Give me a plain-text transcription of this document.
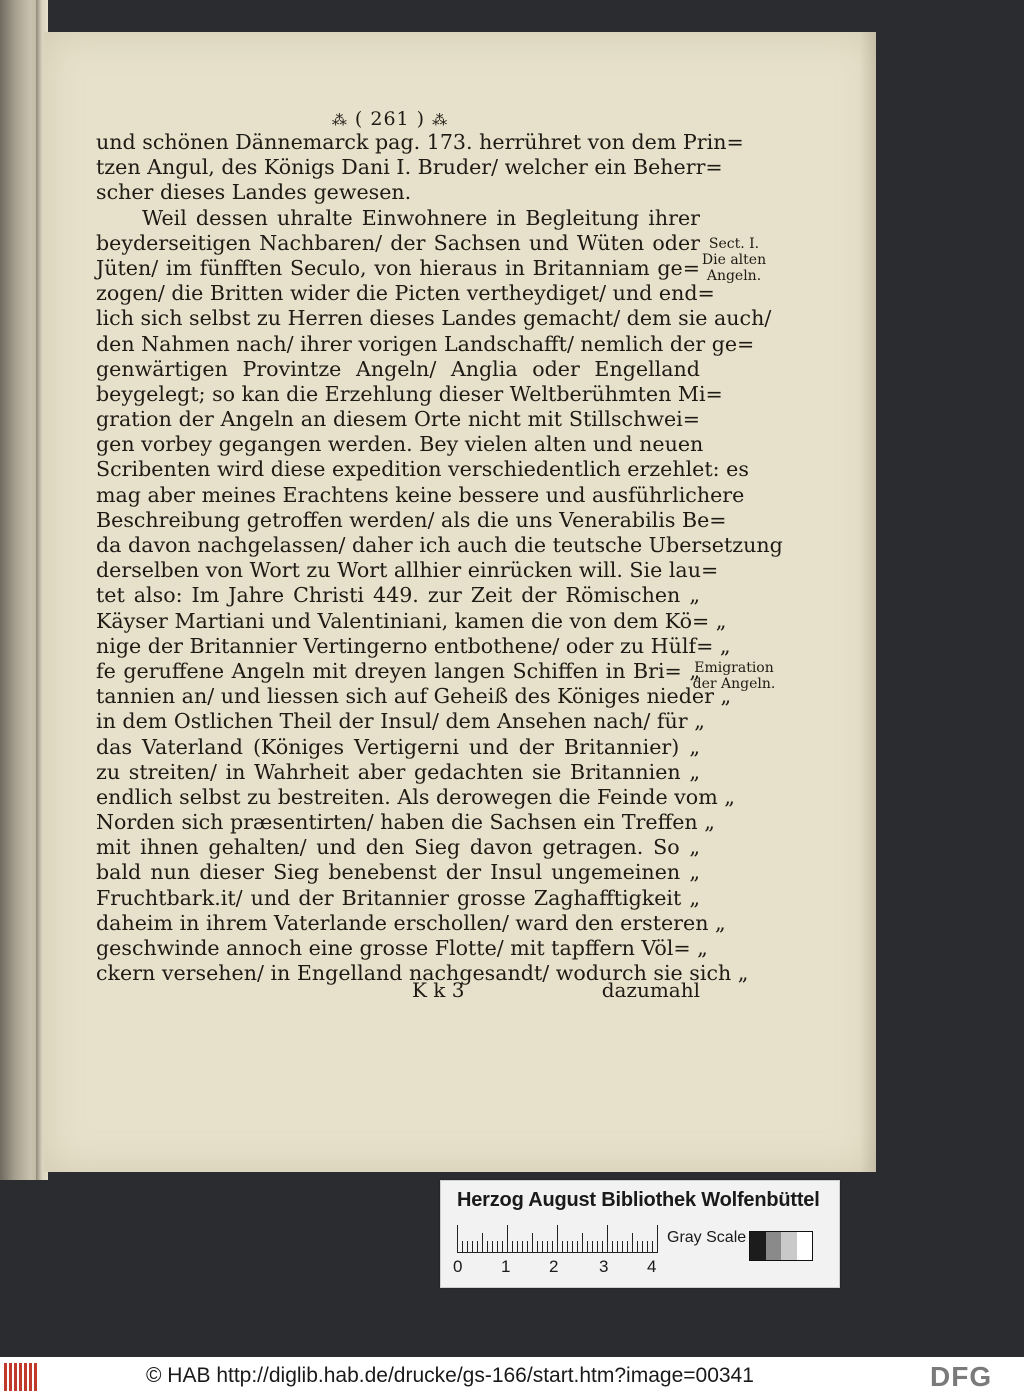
⁂ ( 261 ) ⁂
und schönen Dännemarck pag. 173. herrühret von dem Prin=
tzen Angul, des Königs Dani I. Bruder/ welcher ein Beherr=
scher dieses Landes gewesen.
Weil dessen uhralte Einwohnere in Begleitung ihrer
beyderseitigen Nachbaren/ der Sachsen und Wüten oder
Jüten/ im fünfften Seculo, von hieraus in Britanniam ge=
zogen/ die Britten wider die Picten vertheydiget/ und end=
lich sich selbst zu Herren dieses Landes gemacht/ dem sie auch/
den Nahmen nach/ ihrer vorigen Landschafft/ nemlich der ge=
genwärtigen Provintze Angeln/ Anglia oder Engelland
beygelegt; so kan die Erzehlung dieser Weltberühmten Mi=
gration der Angeln an diesem Orte nicht mit Stillschwei=
gen vorbey gegangen werden. Bey vielen alten und neuen
Scribenten wird diese expedition verschiedentlich erzehlet: es
mag aber meines Erachtens keine bessere und ausführlichere
Beschreibung getroffen werden/ als die uns Venerabilis Be=
da davon nachgelassen/ daher ich auch die teutsche Ubersetzung
derselben von Wort zu Wort allhier einrücken will. Sie lau=
tet also: Im Jahre Christi 449. zur Zeit der Römischen „
Käyser Martiani und Valentiniani, kamen die von dem Kö= „
nige der Britannier Vertingerno entbothene/ oder zu Hülf= „
fe geruffene Angeln mit dreyen langen Schiffen in Bri= „
tannien an/ und liessen sich auf Geheiß des Königes nieder „
in dem Ostlichen Theil der Insul/ dem Ansehen nach/ für „
das Vaterland (Königes Vertigerni und der Britannier) „
zu streiten/ in Wahrheit aber gedachten sie Britannien „
endlich selbst zu bestreiten. Als derowegen die Feinde vom „
Norden sich præsentirten/ haben die Sachsen ein Treffen „
mit ihnen gehalten/ und den Sieg davon getragen. So „
bald nun dieser Sieg benebenst der Insul ungemeinen „
Fruchtbark.it/ und der Britannier grosse Zaghafftigkeit „
daheim in ihrem Vaterlande erschollen/ ward den ersteren „
geschwinde annoch eine grosse Flotte/ mit tapffern Völ= „
ckern versehen/ in Engelland nachgesandt/ wodurch sie sich „
K k 3	dazumahl
Sect. I.
Die alten
Angeln.
Emigration
der Angeln.
Herzog August Bibliothek Wolfenbüttel
0 1 2 3 4
Gray Scale
© HAB http://diglib.hab.de/drucke/gs-166/start.htm?image=00341	DFG
